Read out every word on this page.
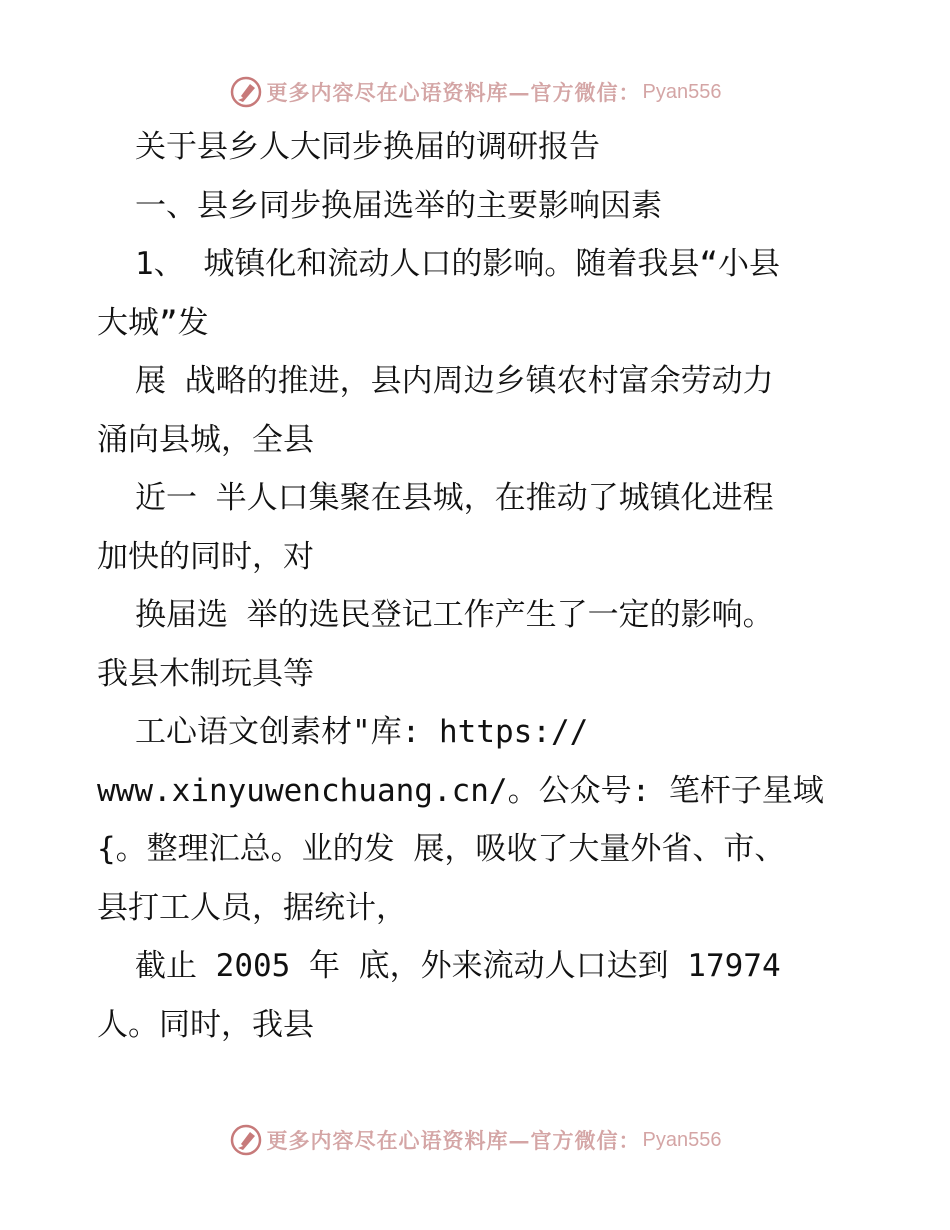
更多内容尽在心语资料库—官方微信： Pyan556
关于县乡人大同步换届的调研报告
一、县乡同步换届选举的主要影响因素
1、 城镇化和流动人口的影响。随着我县“小县
大城”发
展 战略的推进，县内周边乡镇农村富余劳动力
涌向县城，全县
近一 半人口集聚在县城，在推动了城镇化进程
加快的同时，对
换届选 举的选民登记工作产生了一定的影响。
我县木制玩具等
工心语文创素材"库: https://
www.xinyuwenchuang.cn/。公众号: 笔杆子星域
{。整理汇总。业的发 展，吸收了大量外省、市、
县打工人员，据统计，
截止 2005 年 底，外来流动人口达到 17974
人。同时，我县
更多内容尽在心语资料库—官方微信： Pyan556
